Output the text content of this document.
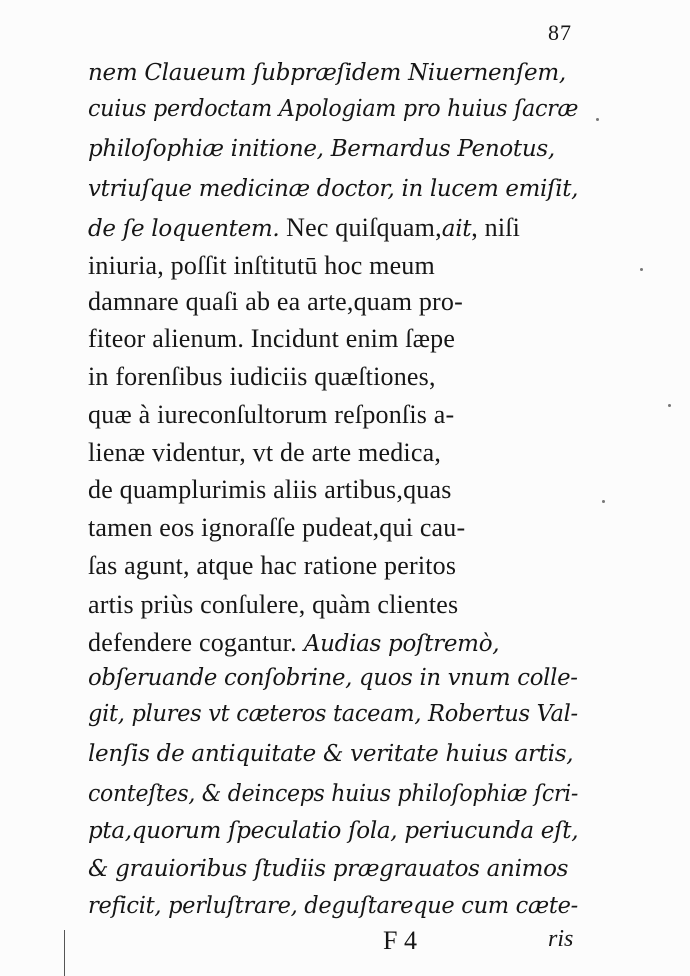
87
nem Claueum ſubpræſidem Niuernenſem,
cuius perdoctam Apologiam pro huius ſacræ
philoſophiæ initione, Bernardus Penotus,
vtriuſque medicinæ doctor, in lucem emiſit,
de ſe loquentem. Nec quiſquam,ait, niſi
iniuria, poſſit inſtitutū hoc meum
damnare quaſi ab ea arte,quam pro-
fiteor alienum. Incidunt enim ſæpe
in forenſibus iudiciis quæſtiones,
quæ à iureconſultorum reſponſis a-
lienæ videntur, vt de arte medica,
de quamplurimis aliis artibus,quas
tamen eos ignoraſſe pudeat,qui cau-
ſas agunt, atque hac ratione peritos
artis priùs conſulere, quàm clientes
defendere cogantur. Audias poſtremò,
obſeruande conſobrine, quos in vnum colle-
git, plures vt cæteros taceam, Robertus Val-
lenſis de antiquitate & veritate huius artis,
conteſtes, & deinceps huius philoſophiæ ſcri-
pta,quorum ſpeculatio ſola, periucunda eſt,
& grauioribus ſtudiis prægrauatos animos
reficit, perluſtrare, deguſtareque cum cæte-
F 4	ris
